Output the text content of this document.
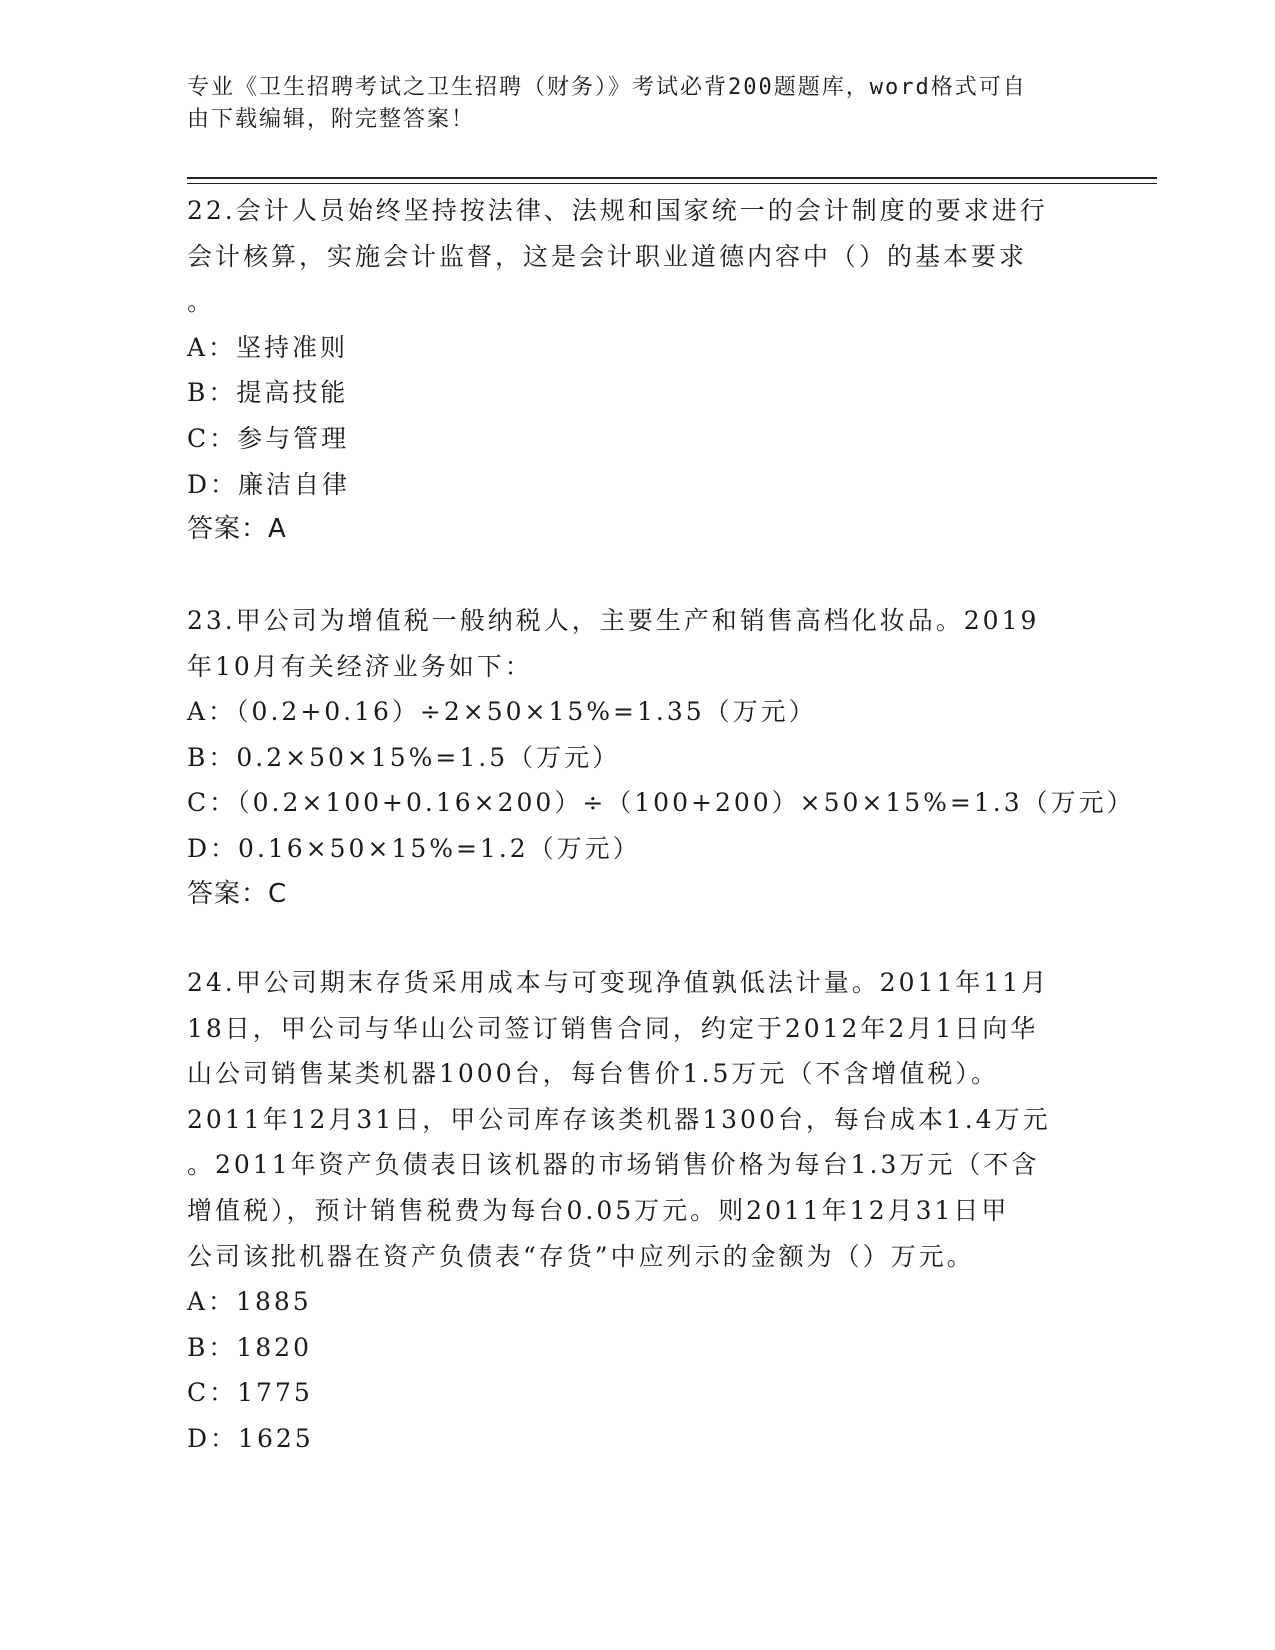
专业《卫生招聘考试之卫生招聘（财务）》考试必背200题题库，word格式可自
由下载编辑，附完整答案！
22.会计人员始终坚持按法律、法规和国家统一的会计制度的要求进行
会计核算，实施会计监督，这是会计职业道德内容中（）的基本要求
。
A：坚持准则
B：提高技能
C：参与管理
D：廉洁自律
答案：A
23.甲公司为增值税一般纳税人，主要生产和销售高档化妆品。2019
年10月有关经济业务如下：
A：（0.2+0.16）÷2×50×15%=1.35（万元）
B：0.2×50×15%=1.5（万元）
C：（0.2×100+0.16×200）÷（100+200）×50×15%=1.3（万元）
D：0.16×50×15%=1.2（万元）
答案：C
24.甲公司期末存货采用成本与可变现净值孰低法计量。2011年11月
18日，甲公司与华山公司签订销售合同，约定于2012年2月1日向华
山公司销售某类机器1000台，每台售价1.5万元（不含增值税）。
2011年12月31日，甲公司库存该类机器1300台，每台成本1.4万元
。2011年资产负债表日该机器的市场销售价格为每台1.3万元（不含
增值税），预计销售税费为每台0.05万元。则2011年12月31日甲
公司该批机器在资产负债表“存货”中应列示的金额为（）万元。
A：1885
B：1820
C：1775
D：1625
